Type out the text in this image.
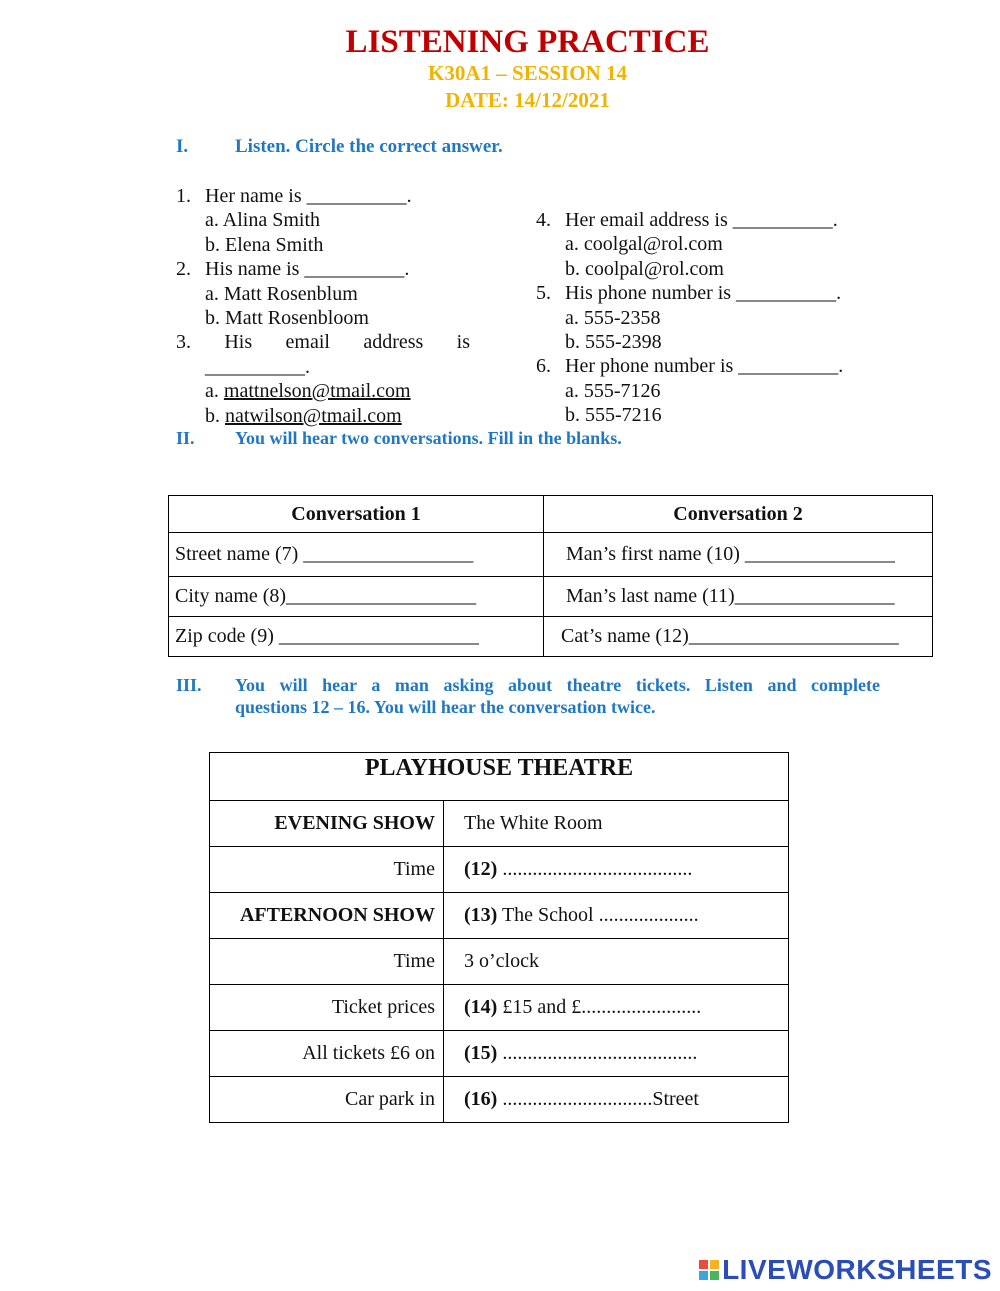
LISTENING PRACTICE
K30A1 – SESSION 14
DATE: 14/12/2021
I. Listen. Circle the correct answer.
1. Her name is __________.
a. Alina Smith
b. Elena Smith
2. His name is __________.
a. Matt Rosenblum
b. Matt Rosenbloom
3. His email address is
__________.
a. mattnelson@tmail.com
b. natwilson@tmail.com
4. Her email address is __________.
a. coolgal@rol.com
b. coolpal@rol.com
5. His phone number is __________.
a. 555-2358
b. 555-2398
6. Her phone number is __________.
a. 555-7126
b. 555-7216
II. You will hear two conversations. Fill in the blanks.
Conversation 1	Conversation 2
Street name (7) _________________	Man’s first name (10) _______________
City name (8)___________________	Man’s last name (11)________________
Zip code (9) ____________________	Cat’s name (12)_____________________
III.	You will hear a man asking about theatre tickets. Listen and complete
questions 12 – 16. You will hear the conversation twice.
PLAYHOUSE THEATRE	
EVENING SHOW	The White Room
Time	(12) ......................................
AFTERNOON SHOW	(13) The School ....................
Time	3 o’clock
Ticket prices	(14) £15 and £........................
All tickets £6 on	(15) .......................................
Car park in	(16) ..............................Street
LIVEWORKSHEETS
